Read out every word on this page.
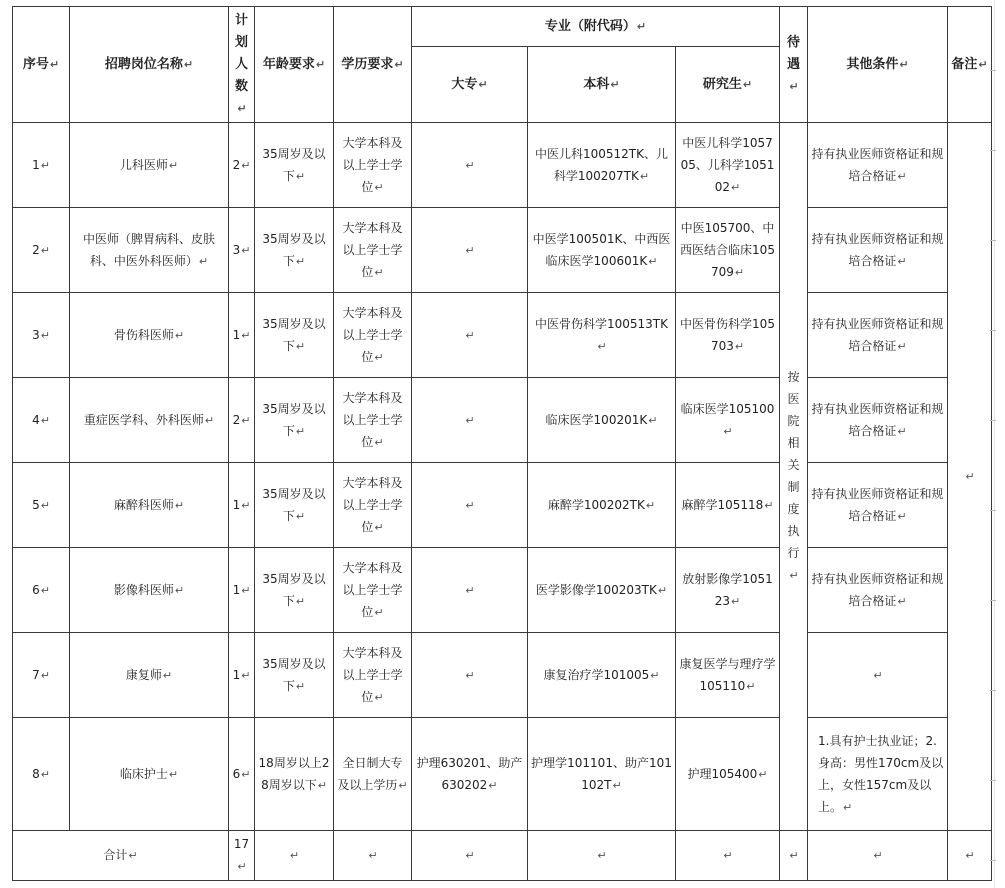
序号↵	招聘岗位名称↵	计划人数↵	年龄要求↵	学历要求↵	专业（附代码）↵			待遇↵	其他条件↵	备注↵
					大专↵	本科↵	研究生↵			
1↵	儿科医师↵	2↵	35周岁及以下↵	大学本科及以上学士学位↵	↵	中医儿科100512TK、儿科学100207TK↵	中医儿科学105705、儿科学105102↵	按医院相关制度执行↵	持有执业医师资格证和规培合格证↵	↵
2↵	中医师（脾胃病科、皮肤科、中医外科医师）↵	3↵	35周岁及以下↵	大学本科及以上学士学位↵	↵	中医学100501K、中西医临床医学100601K↵	中医105700、中西医结合临床105709↵		持有执业医师资格证和规培合格证↵	
3↵	骨伤科医师↵	1↵	35周岁及以下↵	大学本科及以上学士学位↵	↵	中医骨伤科学100513TK↵	中医骨伤科学105703↵		持有执业医师资格证和规培合格证↵	
4↵	重症医学科、外科医师↵	2↵	35周岁及以下↵	大学本科及以上学士学位↵	↵	临床医学100201K↵	临床医学105100↵		持有执业医师资格证和规培合格证↵	
5↵	麻醉科医师↵	1↵	35周岁及以下↵	大学本科及以上学士学位↵	↵	麻醉学100202TK↵	麻醉学105118↵		持有执业医师资格证和规培合格证↵	
6↵	影像科医师↵	1↵	35周岁及以下↵	大学本科及以上学士学位↵	↵	医学影像学100203TK↵	放射影像学105123↵		持有执业医师资格证和规培合格证↵	
7↵	康复师↵	1↵	35周岁及以下↵	大学本科及以上学士学位↵	↵	康复治疗学101005↵	康复医学与理疗学105110↵		↵	
8↵	临床护士↵	6↵	18周岁以上28周岁以下↵	全日制大专及以上学历↵	护理630201、助产630202↵	护理学101101、助产101102T↵	护理105400↵		1.具有护士执业证；2.身高：男性170cm及以上，女性157cm及以上。↵	
合计↵		17↵	↵	↵	↵	↵	↵	↵	↵	↵
